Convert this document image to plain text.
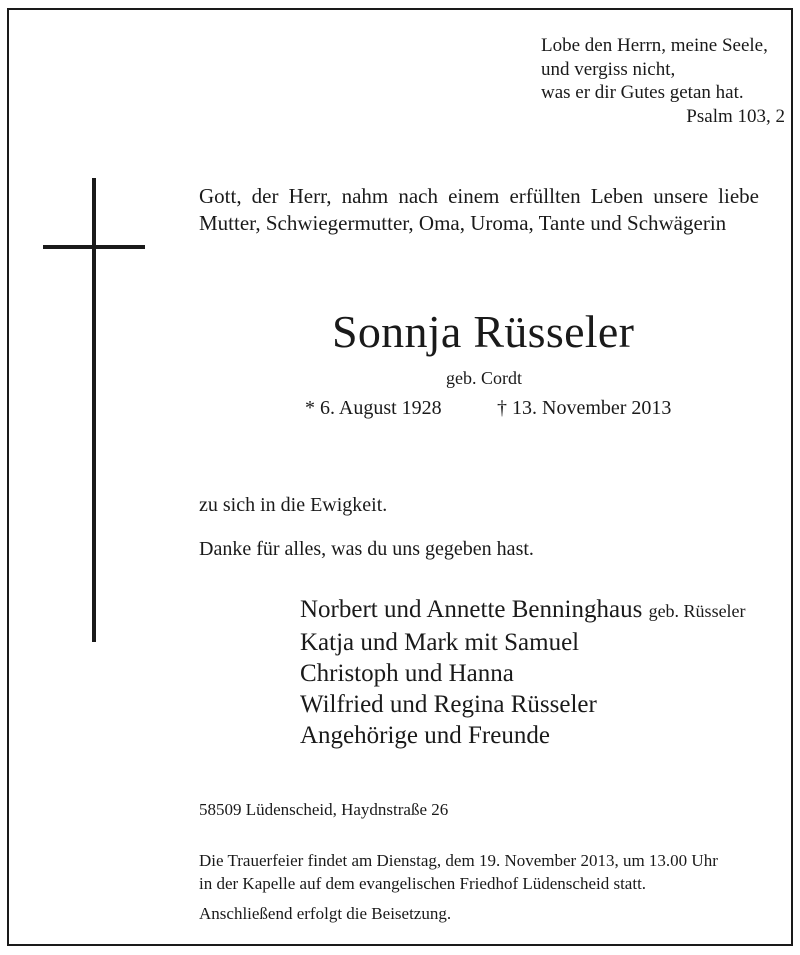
Lobe den Herrn, meine Seele,
und vergiss nicht,
was er dir Gutes getan hat.
Psalm 103, 2
Gott, der Herr, nahm nach einem erfüllten Leben unsere liebe
Mutter, Schwiegermutter, Oma, Uroma, Tante und Schwägerin
Sonnja Rüsseler
geb. Cordt
* 6. August 1928	† 13. November 2013
zu sich in die Ewigkeit.
Danke für alles, was du uns gegeben hast.
Norbert und Annette Benninghaus geb. Rüsseler
Katja und Mark mit Samuel
Christoph und Hanna
Wilfried und Regina Rüsseler
Angehörige und Freunde
58509 Lüdenscheid, Haydnstraße 26
Die Trauerfeier findet am Dienstag, dem 19. November 2013, um 13.00 Uhr
in der Kapelle auf dem evangelischen Friedhof Lüdenscheid statt.
Anschließend erfolgt die Beisetzung.
